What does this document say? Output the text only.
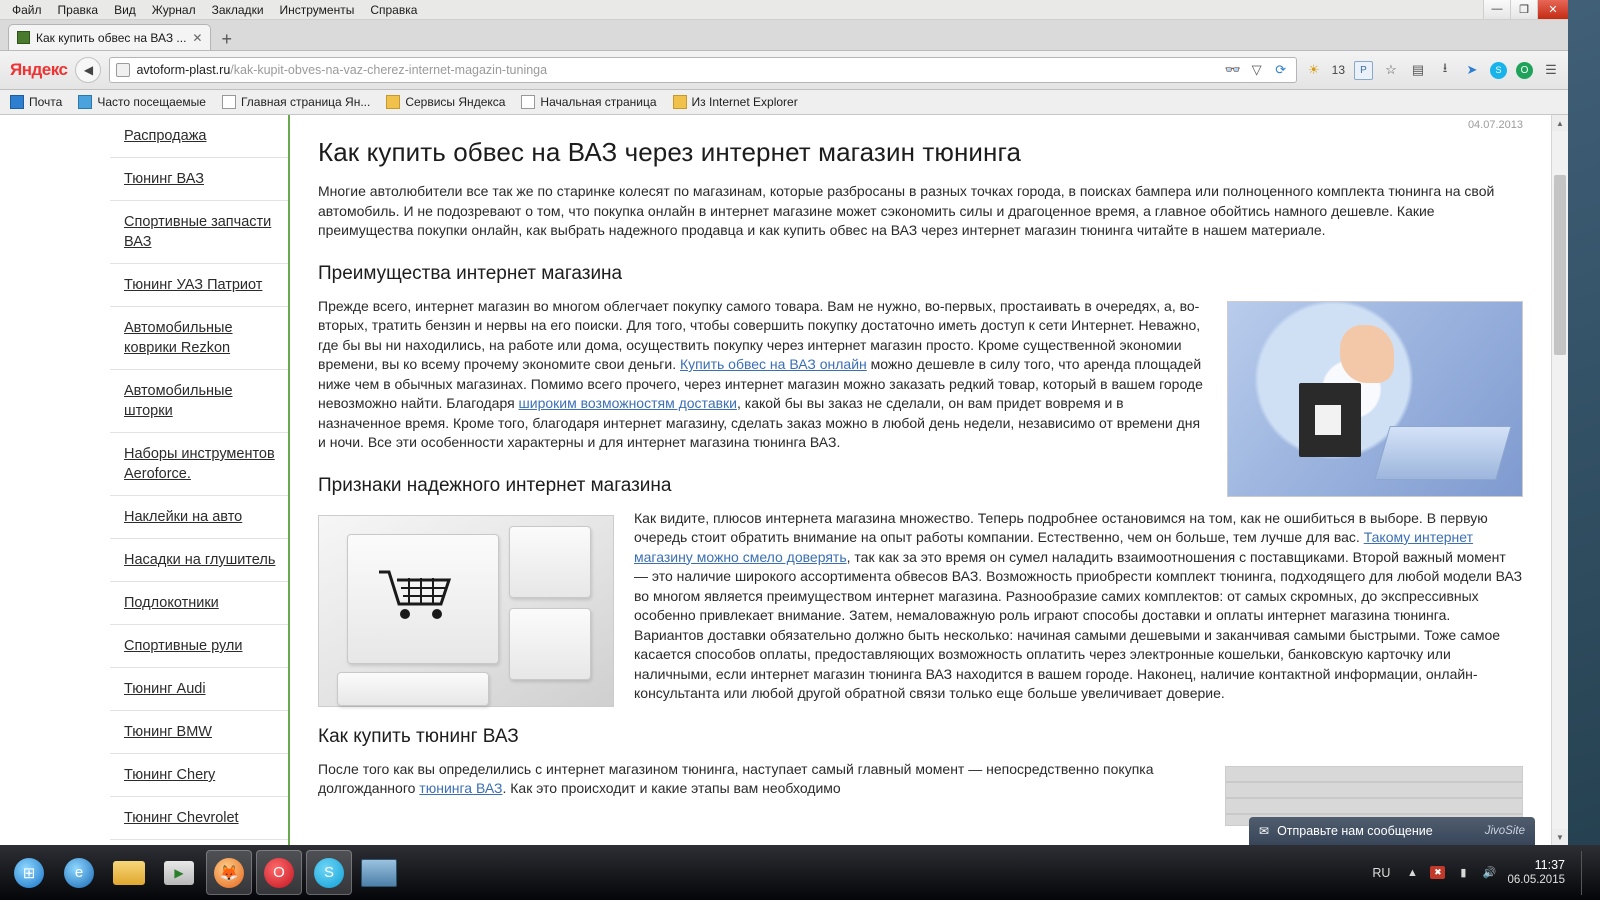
Файл	Правка	Вид	Журнал	Закладки	Инструменты	Справка	—	❐	✕
Как купить обвес на ВАЗ ... ✕	+
Яндекс	◀	avtoform-plast.ru/kak-kupit-obves-na-vaz-cherez-internet-magazin-tuninga	👓 ▽	⟳ ☀ 13	Р	☆ ▤	⭳	➤	S	O	☰
Почта	Часто посещаемые	Главная страница Ян...	Сервисы Яндекса	Начальная страница	Из Internet Explorer
Распродажа
Тюнинг ВАЗ
Спортивные запчасти ВАЗ
Тюнинг УАЗ Патриот
Автомобильные коврики Rezkon
Автомобильные шторки
Наборы инструментов Aeroforce.
Наклейки на авто
Насадки на глушитель
Подлокотники
Спортивные рули
Тюнинг Audi
Тюнинг BMW
Тюнинг Chery
Тюнинг Chevrolet
04.07.2013
Как купить обвес на ВАЗ через интернет магазин тюнинга

Многие автолюбители все так же по старинке колесят по магазинам, которые разбросаны в разных точках города, в поисках бампера или полноценного комплекта тюнинга на свой автомобиль. И не подозревают о том, что покупка онлайн в интернет магазине может сэкономить силы и драгоценное время, а главное обойтись намного дешевле. Какие преимущества покупки онлайн, как выбрать надежного продавца и как купить обвес на ВАЗ через интернет магазин тюнинга читайте в нашем материале.

Преимущества интернет магазина

Прежде всего, интернет магазин во многом облегчает покупку самого товара. Вам не нужно, во-первых, простаивать в очередях, а, во-вторых, тратить бензин и нервы на его поиски. Для того, чтобы совершить покупку достаточно иметь доступ к сети Интернет. Неважно, где бы вы ни находились, на работе или дома, осуществить покупку через интернет магазин просто. Кроме существенной экономии времени, вы ко всему прочему экономите свои деньги. Купить обвес на ВАЗ онлайн можно дешевле в силу того, что аренда площадей ниже чем в обычных магазинах. Помимо всего прочего, через интернет магазин можно заказать редкий товар, который в вашем городе невозможно найти. Благодаря широким возможностям доставки, какой бы вы заказ не сделали, он вам придет вовремя и в назначенное время. Кроме того, благодаря интернет магазину, сделать заказ можно в любой день недели, независимо от времени дня и ночи. Все эти особенности характерны и для интернет магазина тюнинга ВАЗ.

Признаки надежного интернет магазина

Как видите, плюсов интернета магазина множество. Теперь подробнее остановимся на том, как не ошибиться в выборе. В первую очередь стоит обратить внимание на опыт работы компании. Естественно, чем он больше, тем лучше для вас. Такому интернет магазину можно смело доверять, так как за это время он сумел наладить взаимоотношения с поставщиками. Второй важный момент — это наличие широкого ассортимента обвесов ВАЗ. Возможность приобрести комплект тюнинга, подходящего для любой модели ВАЗ во многом является преимуществом интернет магазина. Разнообразие самих комплектов: от самых скромных, до экспрессивных особенно привлекает внимание. Затем, немаловажную роль играют способы доставки и оплаты интернет магазина тюнинга. Вариантов доставки обязательно должно быть несколько: начиная самыми дешевыми и заканчивая самыми быстрыми. Тоже самое касается способов оплаты, предоставляющих возможность оплатить через электронные кошельки, банковскую карточку или наличными, если интернет магазин тюнинга ВАЗ находится в вашем городе. Наконец, наличие контактной информации, онлайн-консультанта или любой другой обратной связи только еще больше увеличивает доверие.

Как купить тюнинг ВАЗ

После того как вы определились с интернет магазином тюнинга, наступает самый главный момент — непосредственно покупка долгожданного тюнинга ВАЗ. Как это происходит и какие этапы вам необходимо

✉ Отправьте нам сообщение	JivoSite
▲
▼
⊞	e	▶	🦊	O	S	RU	▲	✖	▮	🔊
11:37
06.05.2015
